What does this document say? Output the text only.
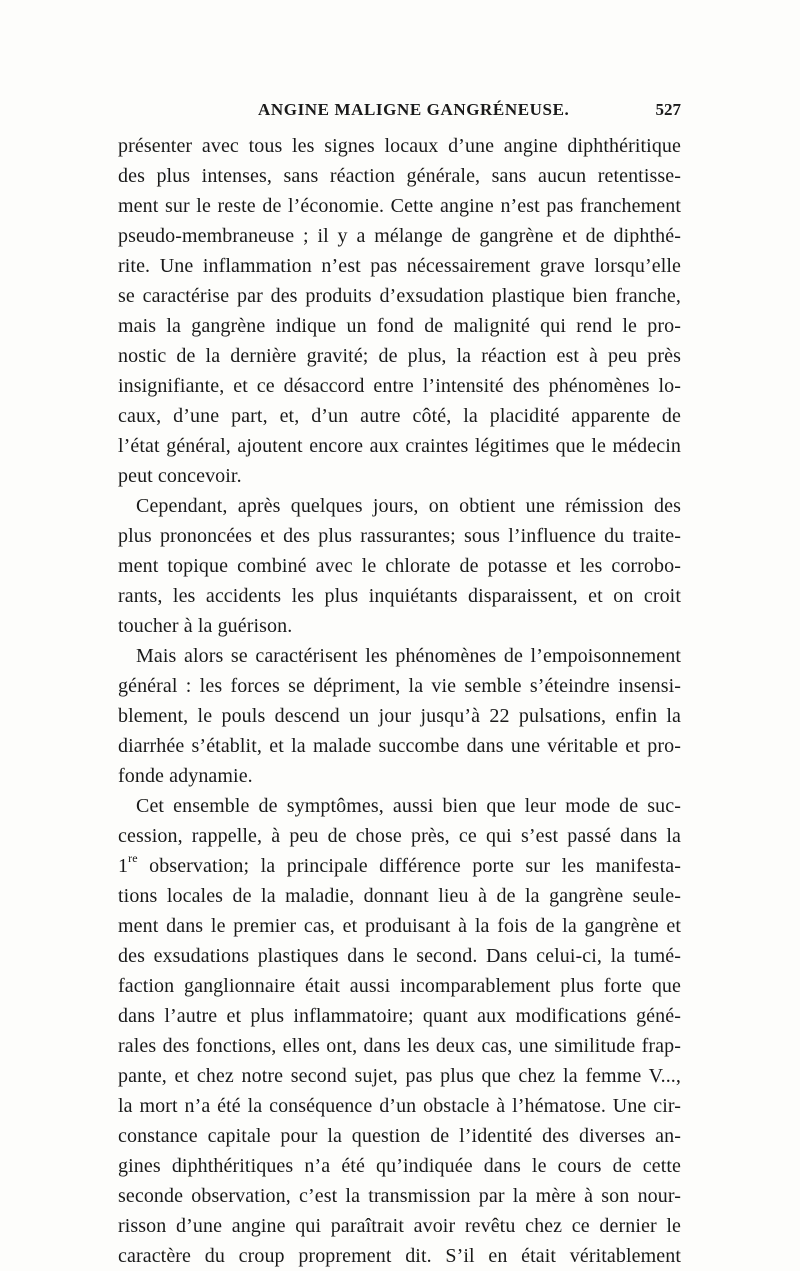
ANGINE MALIGNE GANGRÉNEUSE.	527
présenter avec tous les signes locaux d’une angine diphthéritique
des plus intenses, sans réaction générale, sans aucun retentisse-
ment sur le reste de l’économie. Cette angine n’est pas franchement
pseudo-membraneuse ; il y a mélange de gangrène et de diphthé-
rite. Une inflammation n’est pas nécessairement grave lorsqu’elle
se caractérise par des produits d’exsudation plastique bien franche,
mais la gangrène indique un fond de malignité qui rend le pro-
nostic de la dernière gravité; de plus, la réaction est à peu près
insignifiante, et ce désaccord entre l’intensité des phénomènes lo-
caux, d’une part, et, d’un autre côté, la placidité apparente de
l’état général, ajoutent encore aux craintes légitimes que le médecin
peut concevoir.
Cependant, après quelques jours, on obtient une rémission des
plus prononcées et des plus rassurantes; sous l’influence du traite-
ment topique combiné avec le chlorate de potasse et les corrobo-
rants, les accidents les plus inquiétants disparaissent, et on croit
toucher à la guérison.
Mais alors se caractérisent les phénomènes de l’empoisonnement
général : les forces se dépriment, la vie semble s’éteindre insensi-
blement, le pouls descend un jour jusqu’à 22 pulsations, enfin la
diarrhée s’établit, et la malade succombe dans une véritable et pro-
fonde adynamie.
Cet ensemble de symptômes, aussi bien que leur mode de suc-
cession, rappelle, à peu de chose près, ce qui s’est passé dans la
1re observation; la principale différence porte sur les manifesta-
tions locales de la maladie, donnant lieu à de la gangrène seule-
ment dans le premier cas, et produisant à la fois de la gangrène et
des exsudations plastiques dans le second. Dans celui-ci, la tumé-
faction ganglionnaire était aussi incomparablement plus forte que
dans l’autre et plus inflammatoire; quant aux modifications géné-
rales des fonctions, elles ont, dans les deux cas, une similitude frap-
pante, et chez notre second sujet, pas plus que chez la femme V...,
la mort n’a été la conséquence d’un obstacle à l’hématose. Une cir-
constance capitale pour la question de l’identité des diverses an-
gines diphthéritiques n’a été qu’indiquée dans le cours de cette
seconde observation, c’est la transmission par la mère à son nour-
risson d’une angine qui paraîtrait avoir revêtu chez ce dernier le
caractère du croup proprement dit. S’il en était véritablement
